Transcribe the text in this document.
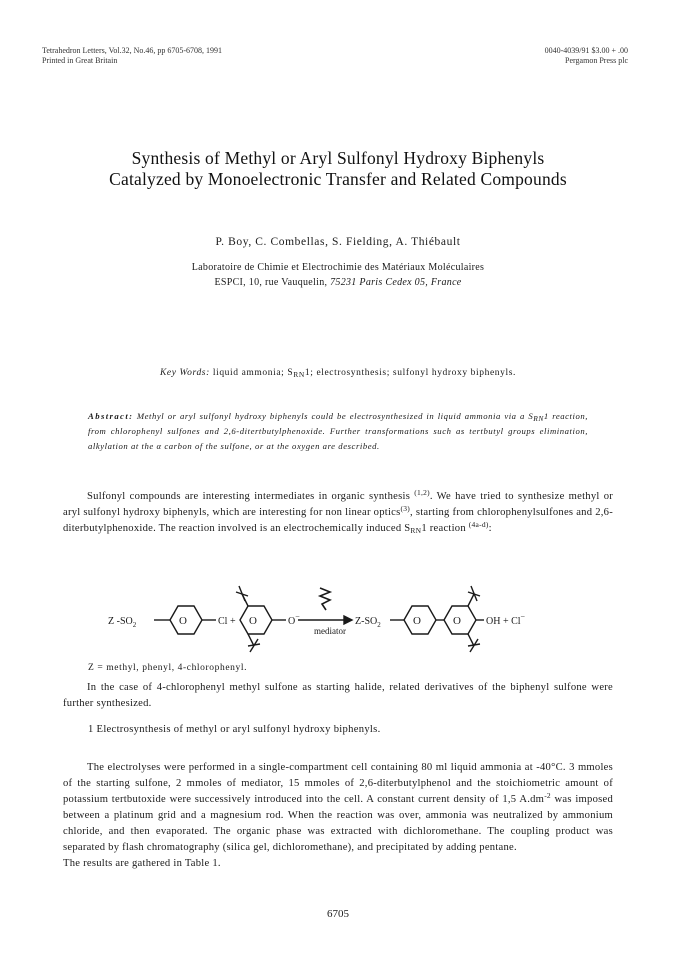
Tetrahedron Letters, Vol.32, No.46, pp 6705-6708, 1991
Printed in Great Britain
0040-4039/91 $3.00 + .00
Pergamon Press plc
Synthesis of Methyl or Aryl Sulfonyl Hydroxy Biphenyls
Catalyzed by Monoelectronic Transfer and Related Compounds
P. Boy, C. Combellas, S. Fielding, A. Thiébault
Laboratoire de Chimie et Electrochimie des Matériaux Moléculaires
ESPCI, 10, rue Vauquelin, 75231 Paris Cedex 05, France
Key Words: liquid ammonia; $S_{RN}1$; electrosynthesis; sulfonyl hydroxy biphenyls.
Abstract: Methyl or aryl sulfonyl hydroxy biphenyls could be electrosynthesized in liquid ammonia via a $S_{RN}1$ reaction, from chlorophenyl sulfones and 2,6-ditertbutylphenoxide. Further transformations such as tertbutyl groups elimination, alkylation at the α carbon of the sulfone, or at the oxygen are described.

Sulfonyl compounds are interesting intermediates in organic synthesis $^{(1,2)}$. We have tried to synthesize methyl or aryl sulfonyl hydroxy biphenyls, which are interesting for non linear optics$^{(3)}$, starting from chlorophenylsulfones and 2,6-diterbutylphenoxide. The reaction involved is an electrochemically induced $S_{RN}1$ reaction $^{(4a-d)}$:

Z $-SO_2$	O	Cl + O	O−
mediator
$Z-SO_2$	O	O	OH + Cl−
Z = methyl, phenyl, 4-chlorophenyl.

In the case of 4-chlorophenyl methyl sulfone as starting halide, related derivatives of the biphenyl sulfone were further synthesized.

1 Electrosynthesis of methyl or aryl sulfonyl hydroxy biphenyls.

The electrolyses were performed in a single-compartment cell containing 80 ml liquid ammonia at -40°C. 3 mmoles of the starting sulfone, 2 mmoles of mediator, 15 mmoles of 2,6-diterbutylphenol and the stoichiometric amount of potassium tertbutoxide were successively introduced into the cell. A constant current density of 1,5 $A.dm^{-2}$ was imposed between a platinum grid and a magnesium rod. When the reaction was over, ammonia was neutralized by ammonium chloride, and then evaporated. The organic phase was extracted with dichloromethane. The coupling product was separated by flash chromatography (silica gel, dichloromethane), and precipitated by adding pentane.

The results are gathered in Table 1.

6705
